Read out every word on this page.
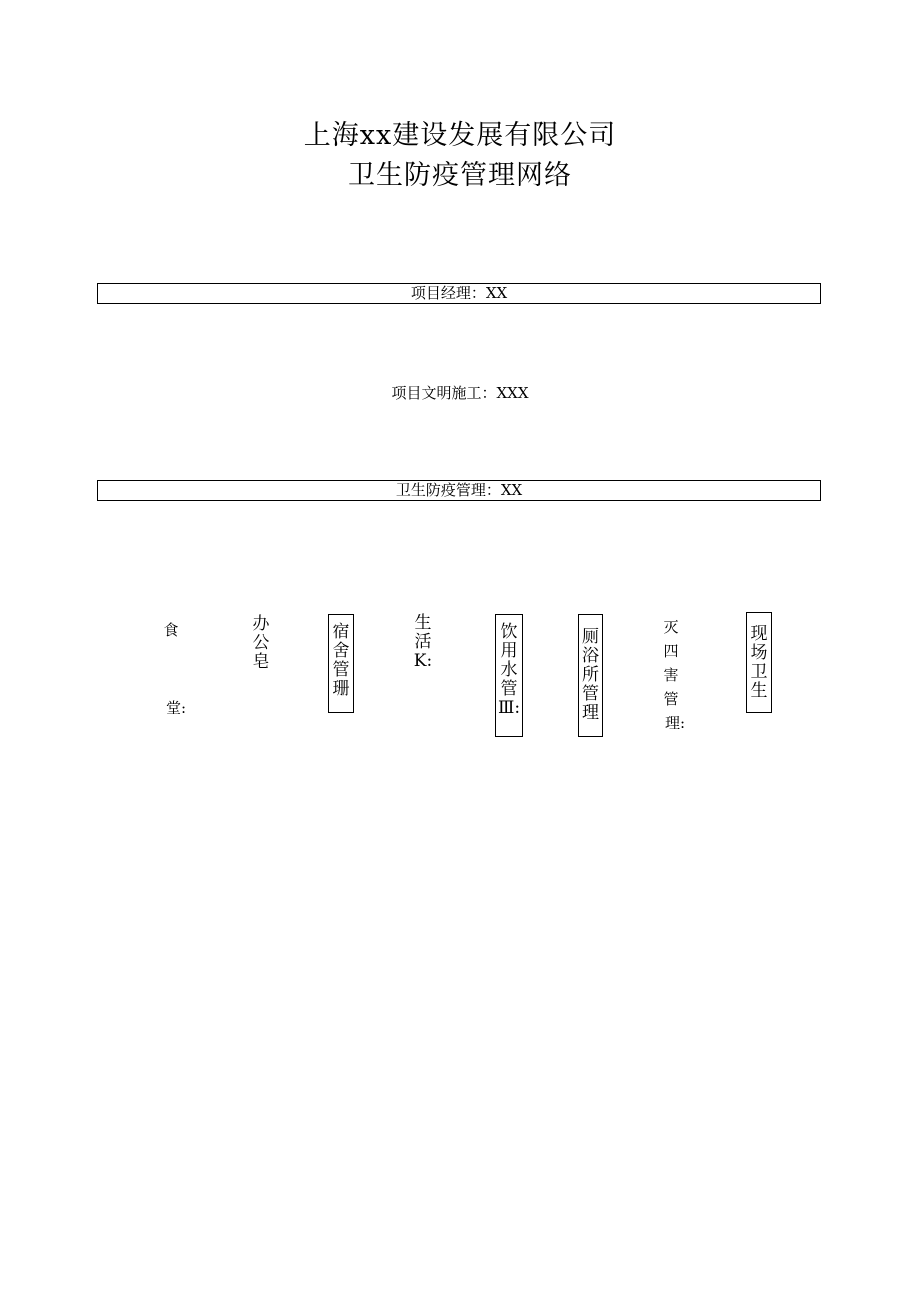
上海xx建设发展有限公司
卫生防疫管理网络
项目经理：XX
项目文明施工：XXX
卫生防疫管理：XX
食

堂:
办
公
皂
宿
舍
管
珊
生
活
K:
饮
用
水
管
Ⅲ:
厕
浴
所
管
理
灭
四
害
管
理:
现
场
卫
生
